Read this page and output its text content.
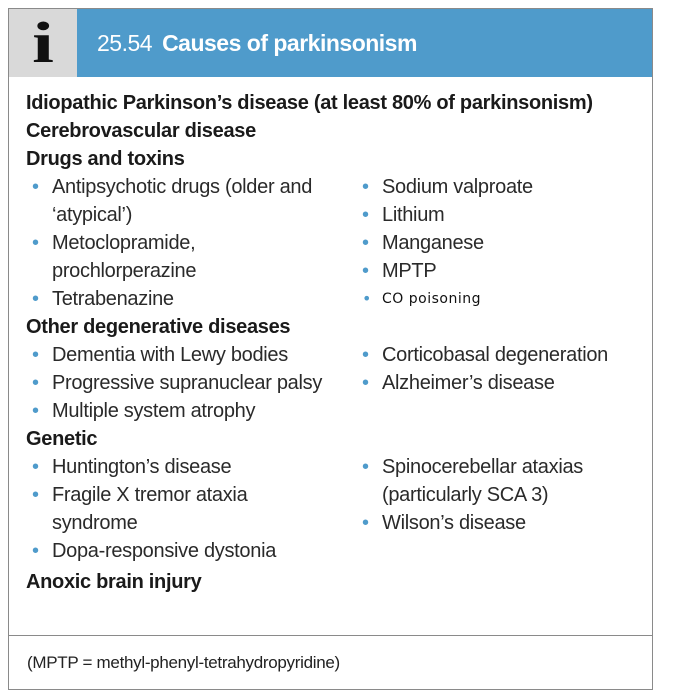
i 25.54 Causes of parkinsonism
Idiopathic Parkinson’s disease (at least 80% of parkinsonism)
Cerebrovascular disease
Drugs and toxins
• Antipsychotic drugs (older and
‘atypical’)
• Metoclopramide,
prochlorperazine
• Tetrabenazine
• Sodium valproate
• Lithium
• Manganese
• MPTP
• CO poisoning
Other degenerative diseases
• Dementia with Lewy bodies
• Progressive supranuclear palsy
• Multiple system atrophy
• Corticobasal degeneration
• Alzheimer’s disease
Genetic
• Huntington’s disease
• Fragile X tremor ataxia
syndrome
• Dopa-responsive dystonia
• Spinocerebellar ataxias
(particularly SCA 3)
• Wilson’s disease
Anoxic brain injury
(MPTP = methyl-phenyl-tetrahydropyridine)
